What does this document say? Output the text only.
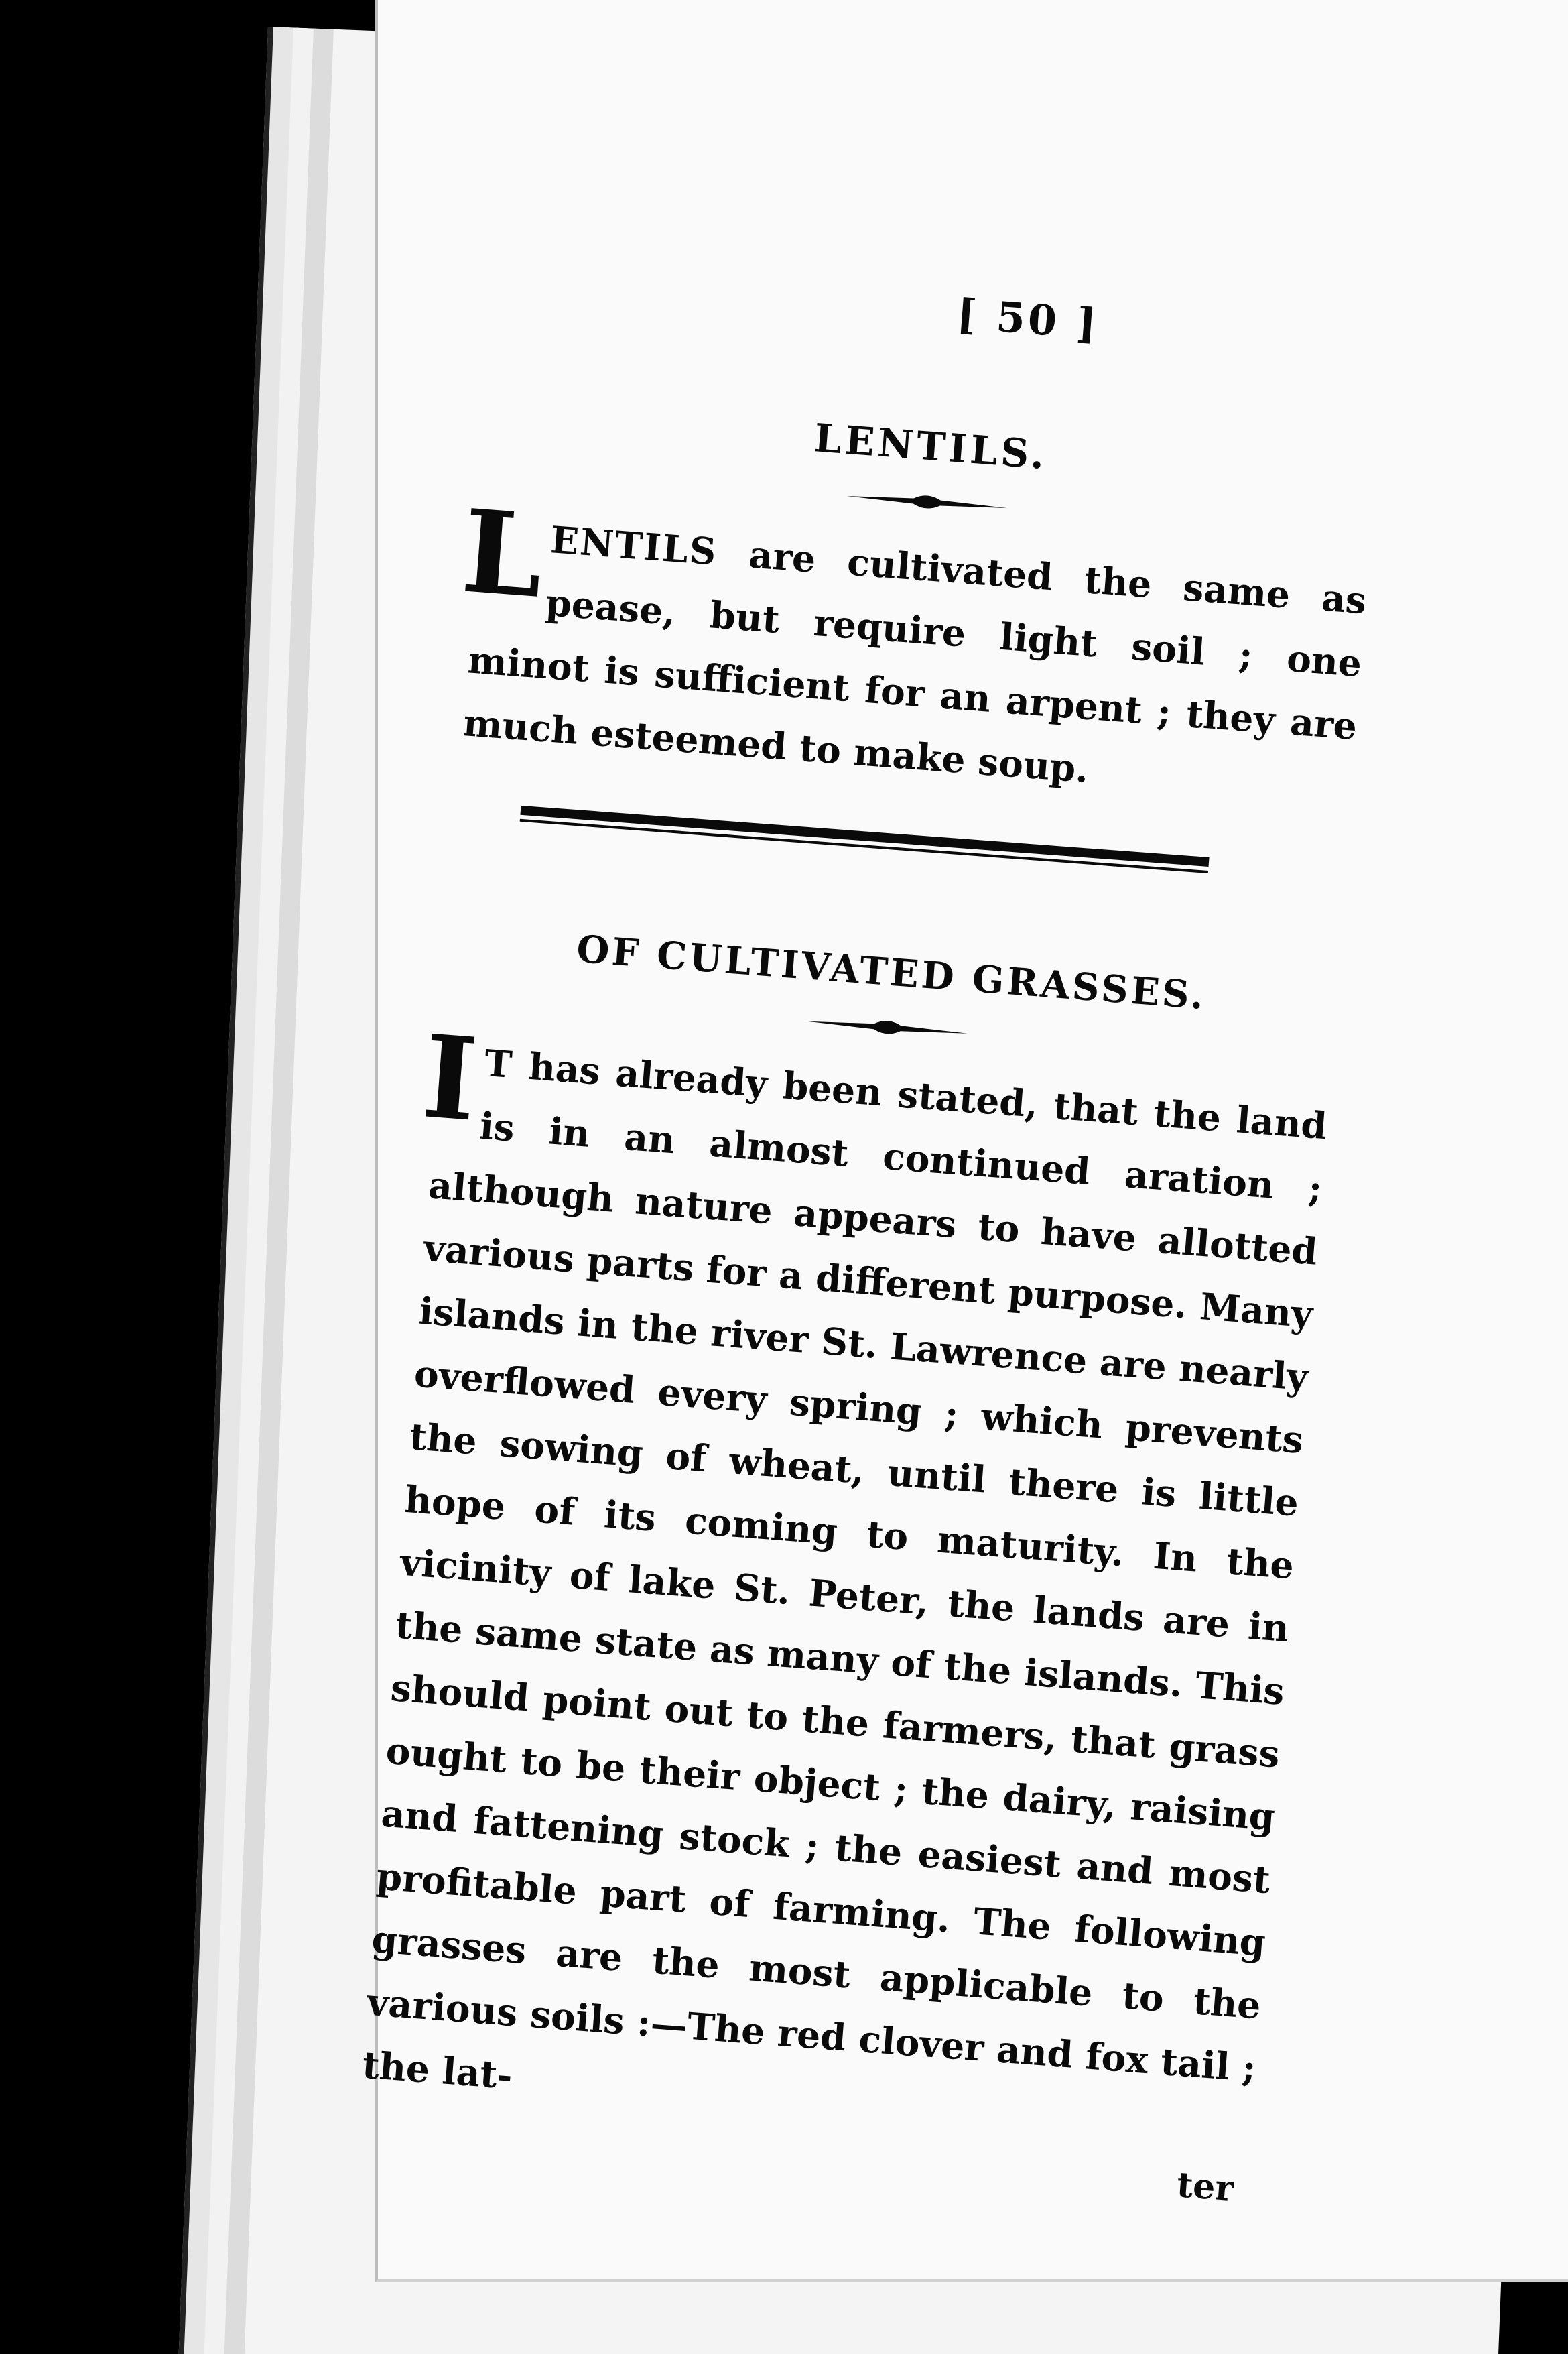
[ 50 ]
LENTILS.

LENTILS are cultivated the same as pease, but require light soil ; one minot is sufficient for an arpent ; they are much esteemed to make soup.

OF CULTIVATED GRASSES.

I T has already been stated, that the land is in an almost continued aration ; although nature appears to have allotted various parts for a different purpose. Many islands in the river St. Lawrence are nearly overflowed every spring ; which prevents the sowing of wheat, until there is little hope of its coming to maturity. In the vicinity of lake St. Peter, the lands are in the same state as many of the islands. This should point out to the farmers, that grass ought to be their object ; the dairy, raising and fattening stock ; the easiest and most profitable part of farming. The following grasses are the most applicable to the various soils :—The red clover and fox tail ; the lat-

ter
